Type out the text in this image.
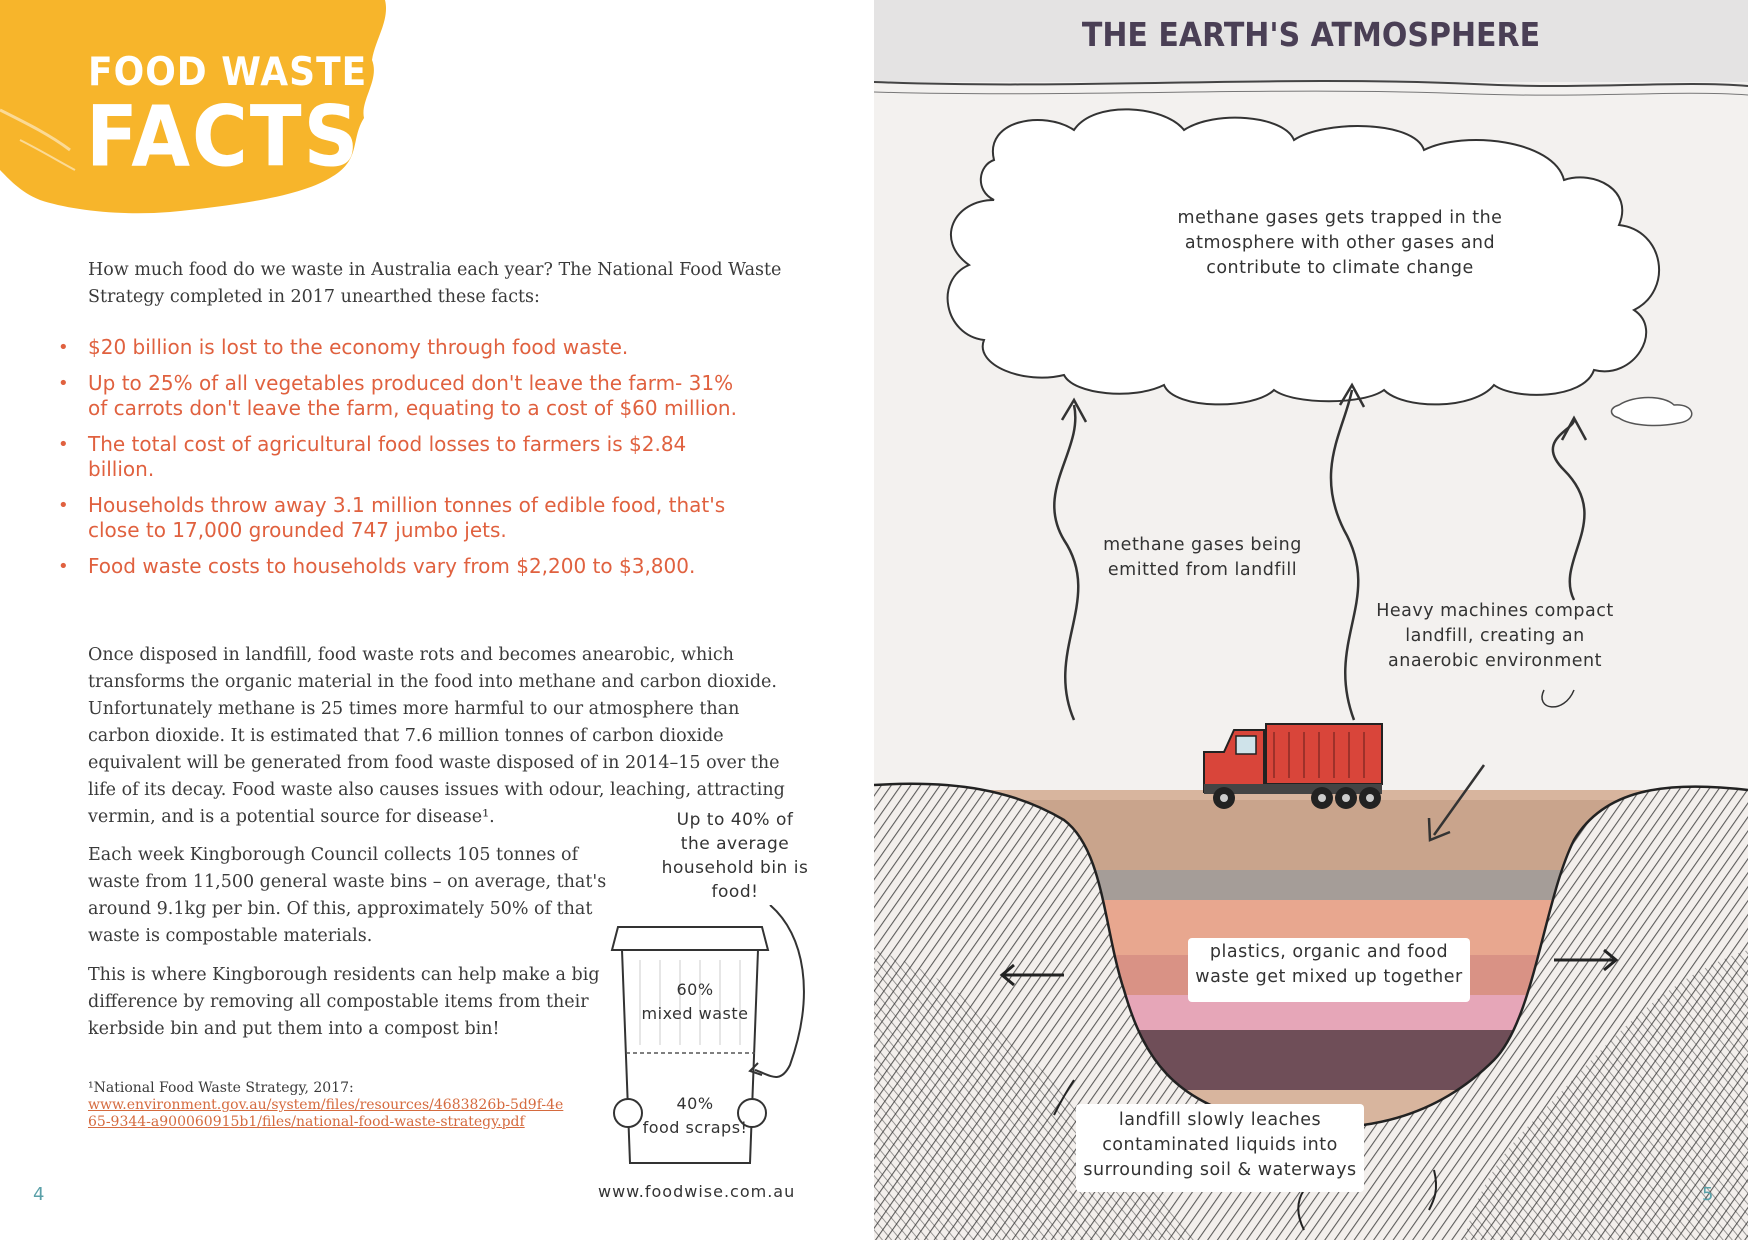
FOOD WASTE
FACTS
How much food do we waste in Australia each year? The National Food Waste Strategy completed in 2017 unearthed these facts:
• $20 billion is lost to the economy through food waste.
• Up to 25% of all vegetables produced don't leave the farm- 31% of carrots don't leave the farm, equating to a cost of $60 million.
• The total cost of agricultural food losses to farmers is $2.84 billion.
• Households throw away 3.1 million tonnes of edible food, that's close to 17,000 grounded 747 jumbo jets.
• Food waste costs to households vary from $2,200 to $3,800.
Once disposed in landfill, food waste rots and becomes anearobic, which transforms the organic material in the food into methane and carbon dioxide. Unfortunately methane is 25 times more harmful to our atmosphere than carbon dioxide. It is estimated that 7.6 million tonnes of carbon dioxide equivalent will be generated from food waste disposed of in 2014–15 over the life of its decay. Food waste also causes issues with odour, leaching, attracting vermin, and is a potential source for disease¹.
Each week Kingborough Council collects 105 tonnes of waste from 11,500 general waste bins – on average, that's around 9.1kg per bin. Of this, approximately 50% of that waste is compostable materials.
This is where Kingborough residents can help make a big difference by removing all compostable items from their kerbside bin and put them into a compost bin!
¹National Food Waste Strategy, 2017:
www.environment.gov.au/system/files/resources/4683826b-5d9f-4e65-9344-a900060915b1/files/national-food-waste-strategy.pdf
Up to 40% of the average household bin is food!
60%
mixed waste
40%
food scraps!
www.foodwise.com.au
4
THE EARTH'S ATMOSPHERE
5
methane gases gets trapped in the atmosphere with other gases and contribute to climate change
methane gases being emitted from landfill
Heavy machines compact landfill, creating an anaerobic environment
plastics, organic and food waste get mixed up together
landfill slowly leaches contaminated liquids into surrounding soil & waterways
